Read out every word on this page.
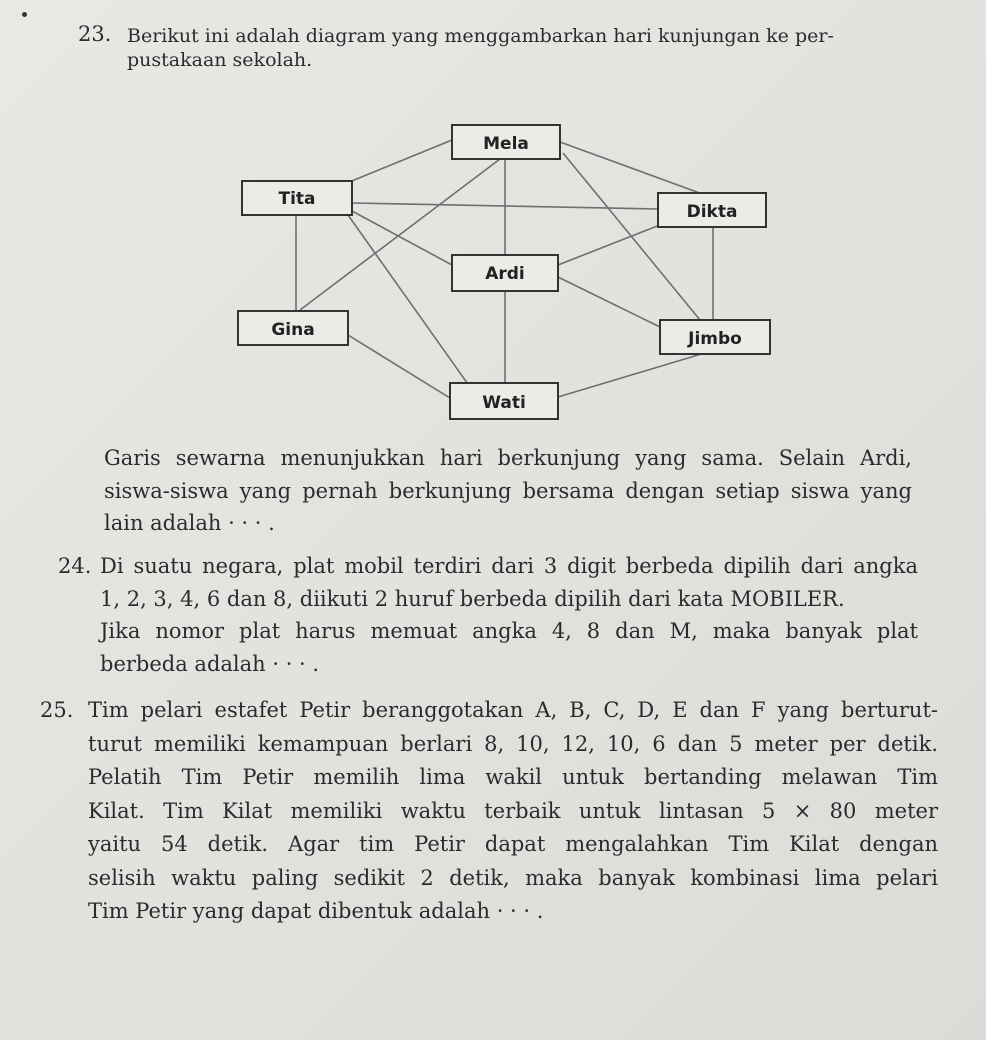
23. Berikut ini adalah diagram yang menggambarkan hari kunjungan ke per-
pustakaan sekolah.
Mela
Tita
Dikta
Ardi
Gina	Jimbo
Wati
Garis sewarna menunjukkan hari berkunjung yang sama. Selain Ardi,
siswa-siswa yang pernah berkunjung bersama dengan setiap siswa yang
lain adalah · · · .
24. Di suatu negara, plat mobil terdiri dari 3 digit berbeda dipilih dari angka
1, 2, 3, 4, 6 dan 8, diikuti 2 huruf berbeda dipilih dari kata MOBILER.
Jika nomor plat harus memuat angka 4, 8 dan M, maka banyak plat
berbeda adalah · · · .
25. Tim pelari estafet Petir beranggotakan A, B, C, D, E dan F yang berturut-
turut memiliki kemampuan berlari 8, 10, 12, 10, 6 dan 5 meter per detik.
Pelatih Tim Petir memilih lima wakil untuk bertanding melawan Tim
Kilat. Tim Kilat memiliki waktu terbaik untuk lintasan 5 × 80 meter
yaitu 54 detik. Agar tim Petir dapat mengalahkan Tim Kilat dengan
selisih waktu paling sedikit 2 detik, maka banyak kombinasi lima pelari
Tim Petir yang dapat dibentuk adalah · · · .
